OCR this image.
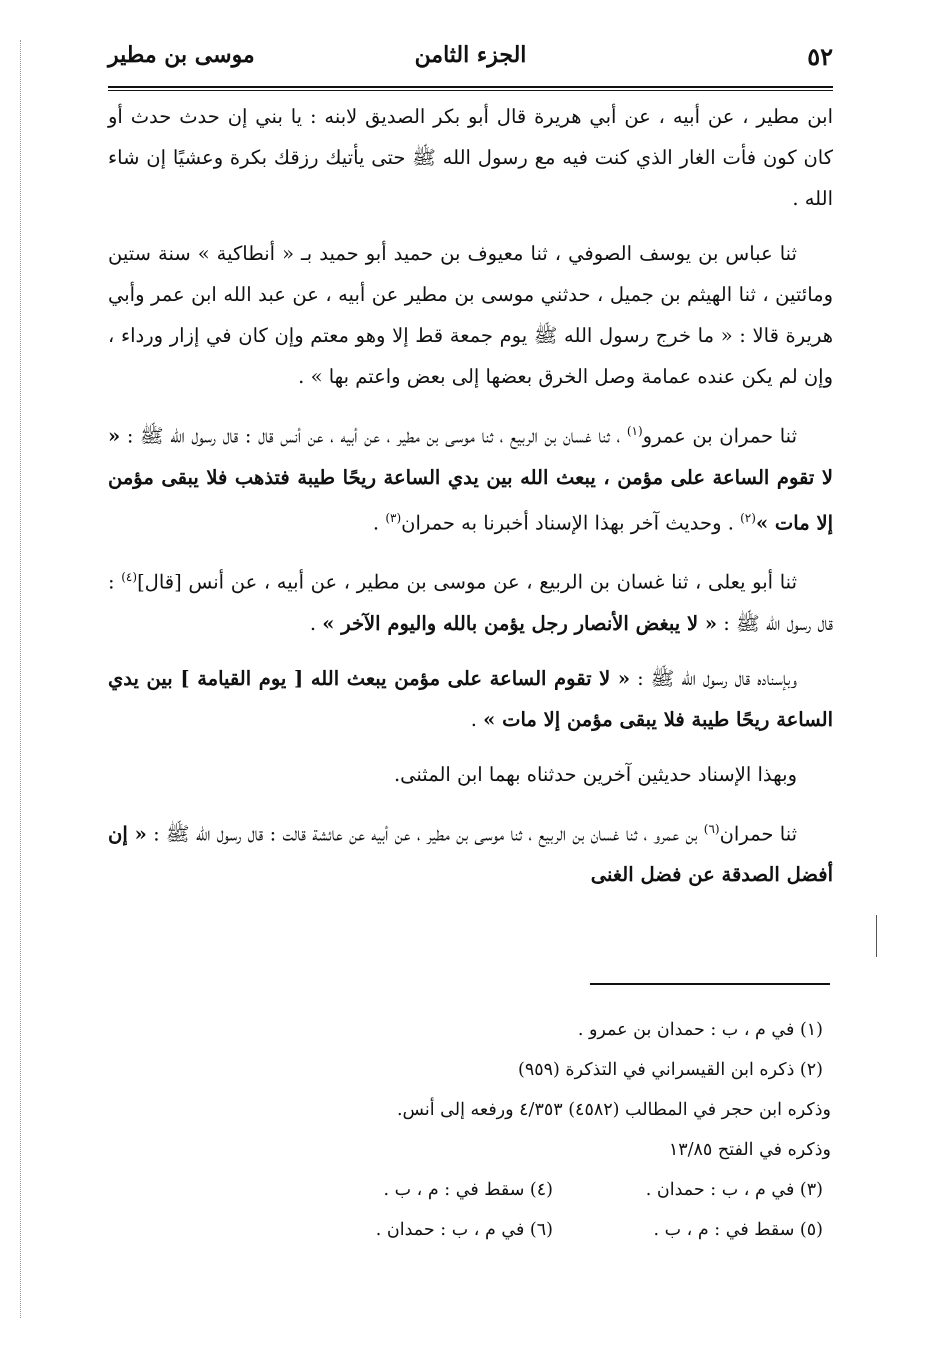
٥٢
الجزء الثامن
موسى بن مطير

ابن مطير ، عن أبيه ، عن أبي هريرة قال أبو بكر الصديق لابنه : يا بني إن حدث حدث أو كان كون فأت الغار الذي كنت فيه مع رسول الله ﷺ حتى يأتيك رزقك بكرة وعشيًا إن شاء الله .

ثنا عباس بن يوسف الصوفي ، ثنا معيوف بن حميد أبو حميد بـ « أنطاكية » سنة ستين ومائتين ، ثنا الهيثم بن جميل ، حدثني موسى بن مطير عن أبيه ، عن عبد الله ابن عمر وأبي هريرة قالا : « ما خرج رسول الله ﷺ يوم جمعة قط إلا وهو معتم وإن كان في إزار ورداء ، وإن لم يكن عنده عمامة وصل الخرق بعضها إلى بعض واعتم بها » .

ثنا حمران بن عمرو$^{(١)}$ ، ثنا غسان بن الربيع ، ثنا موسى بن مطير ، عن أبيه ، عن أنس قال : قال رسول الله ﷺ : « لا تقوم الساعة على مؤمن ، يبعث الله بين يدي الساعة ريحًا طيبة فتذهب فلا يبقى مؤمن إلا مات »$^{(٢)}$ . وحديث آخر بهذا الإسناد أخبرنا به حمران$^{(٣)}$ .

ثنا أبو يعلى ، ثنا غسان بن الربيع ، عن موسى بن مطير ، عن أبيه ، عن أنس [قال]$^{(٤)}$ : قال رسول الله ﷺ : « لا يبغض الأنصار رجل يؤمن بالله واليوم الآخر » .

وبإسناده قال رسول الله ﷺ : « لا تقوم الساعة على مؤمن يبعث الله [ يوم القيامة ] بين يدي الساعة ريحًا طيبة فلا يبقى مؤمن إلا مات » .

وبهذا الإسناد حديثين آخرين حدثناه بهما ابن المثنى.

ثنا حمران$^{(٦)}$ بن عمرو ، ثنا غسان بن الربيع ، ثنا موسى بن مطير ، عن أبيه عن عائشة قالت : قال رسول الله ﷺ : « إن أفضل الصدقة عن فضل الغنى

(١) في م ، ب : حمدان بن عمرو .
(٢) ذكره ابن القيسراني في التذكرة (٩٥٩)
وذكره ابن حجر في المطالب (٤٥٨٢) ٤/٣٥٣ ورفعه إلى أنس.
وذكره في الفتح ١٣/٨٥
(٣) في م ، ب : حمدان .
(٤) سقط في : م ، ب .
(٥) سقط في : م ، ب .
(٦) في م ، ب : حمدان .
